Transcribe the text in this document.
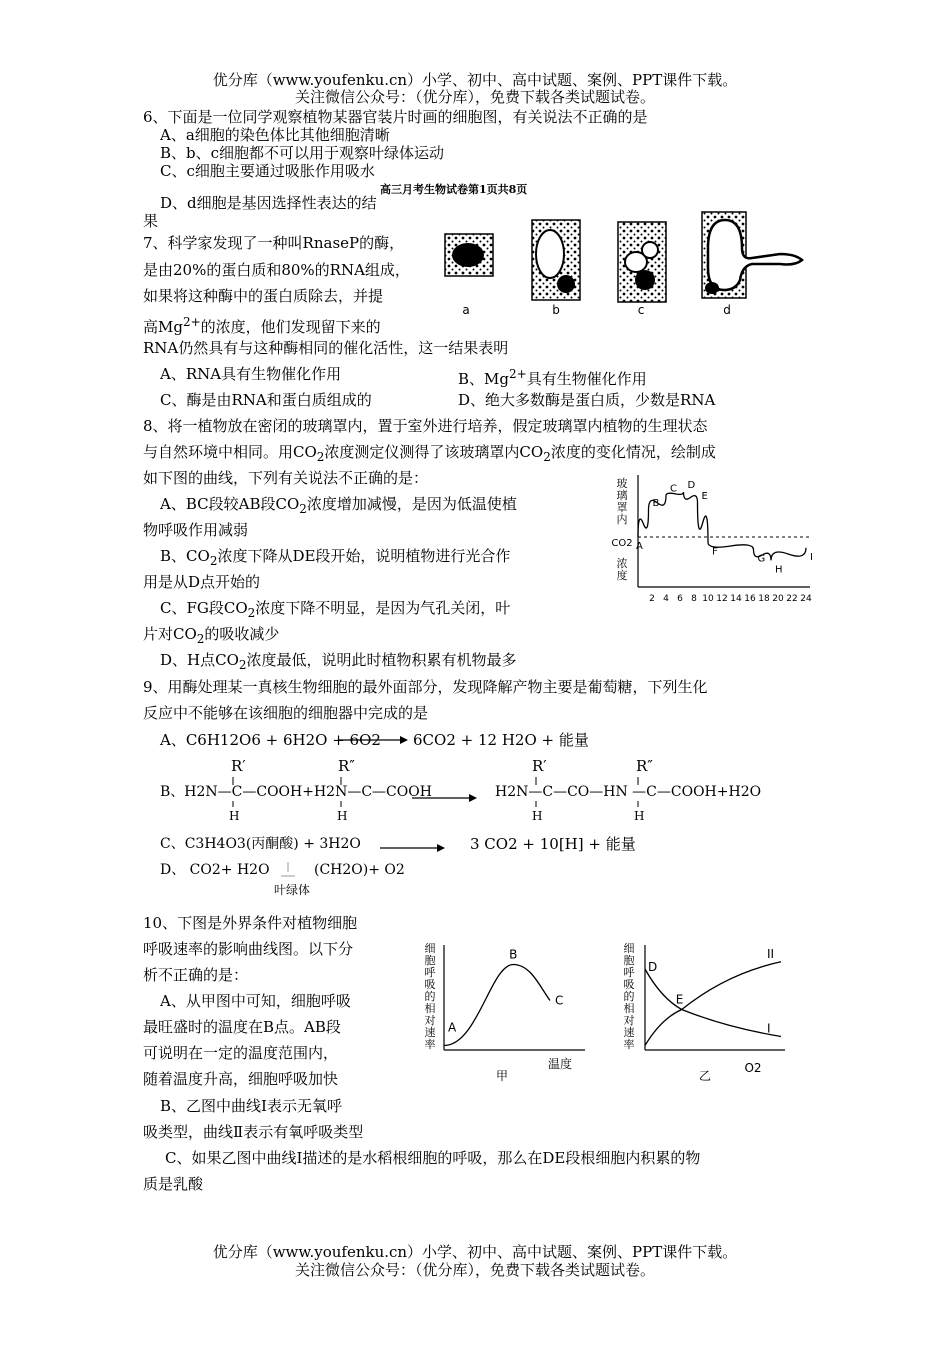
优分库（www.youfenku.cn）小学、初中、高中试题、案例、PPT课件下载。
关注微信公众号：（优分库），免费下载各类试题试卷。
6、下面是一位同学观察植物某器官装片时画的细胞图，有关说法不正确的是
A、a细胞的染色体比其他细胞清晰
B、b、c细胞都不可以用于观察叶绿体运动
C、c细胞主要通过吸胀作用吸水
高三月考生物试卷第1页共8页
D、d细胞是基因选择性表达的结
果
a	b	c	d
7、科学家发现了一种叫RnaseP的酶，
是由20%的蛋白质和80%的RNA组成，
如果将这种酶中的蛋白质除去，并提
高$Mg^{2+}$的浓度，他们发现留下来的
RNA仍然具有与这种酶相同的催化活性，这一结果表明
A、RNA具有生物催化作用	B、$Mg^{2+}$具有生物催化作用
C、酶是由RNA和蛋白质组成的	D、绝大多数酶是蛋白质，少数是RNA
8、将一植物放在密闭的玻璃罩内，置于室外进行培养，假定玻璃罩内植物的生理状态
与自然环境中相同。用$CO_2$浓度测定仪测得了该玻璃罩内$CO_2$浓度的变化情况，绘制成
如下图的曲线，下列有关说法不正确的是：
A、BC段较AB段$CO_2$浓度增加减慢，是因为低温使植
物呼吸作用减弱
B、$CO_2$浓度下降从DE段开始，说明植物进行光合作
用是从D点开始的
C、FG段$CO_2$浓度下降不明显，是因为气孔关闭，叶
片对$CO_2$的吸收减少
D、H点$CO_2$浓度最低，说明此时植物积累有机物最多
玻
璃
罩
内
CO2
浓
度
2 4 6 8 10 12 14 16 18 20 22 24
A
B
C D
E
F
G
H
I
9、用酶处理某一真核生物细胞的最外面部分，发现降解产物主要是葡萄糖，下列生化
反应中不能够在该细胞的细胞器中完成的是
A、C6H12O6 + 6H2O + 6O2 6CO2 + 12 H2O + 能量
R′	R″	R′	R″
B、H2N—C—COOH+H2N—C—COOH	H2N—C—CO—HN —C—COOH+H2O
H	H	H	H
C、C3H4O3(丙酮酸) + 3H2O	3 CO2 + 10[H] + 能量
D、 CO2+ H2O	(CH2O)+ O2
叶绿体
10、下图是外界条件对植物细胞
呼吸速率的影响曲线图。以下分
析不正确的是：
A、从甲图中可知，细胞呼吸
最旺盛时的温度在B点。AB段
可说明在一定的温度范围内，
随着温度升高，细胞呼吸加快
B、乙图中曲线Ⅰ表示无氧呼
吸类型，曲线Ⅱ表示有氧呼吸类型
C、如果乙图中曲线Ⅰ描述的是水稻根细胞的呼吸，那么在DE段根细胞内积累的物
质是乳酸
细
胞
呼
吸
的
相
对
速
率
A
B
C
温度
甲
细
胞
呼
吸
的
相
对
速
率
I
II
D
E
O2
乙
优分库（www.youfenku.cn）小学、初中、高中试题、案例、PPT课件下载。
关注微信公众号：（优分库），免费下载各类试题试卷。
